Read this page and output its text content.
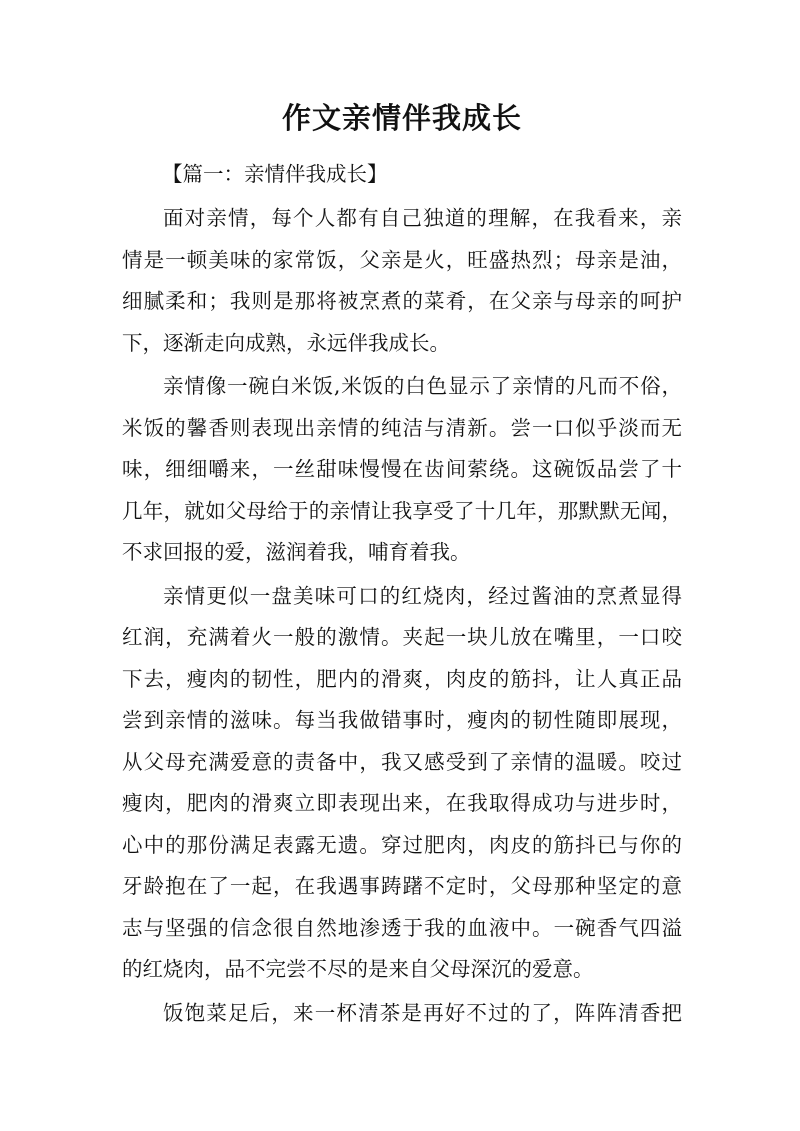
作文亲情伴我成长
【篇一：亲情伴我成长】
面对亲情，每个人都有自己独道的理解，在我看来，亲
情是一顿美味的家常饭，父亲是火，旺盛热烈；母亲是油，
细腻柔和；我则是那将被烹煮的菜肴，在父亲与母亲的呵护
下，逐渐走向成熟，永远伴我成长。
亲情像一碗白米饭,米饭的白色显示了亲情的凡而不俗，
米饭的馨香则表现出亲情的纯洁与清新。尝一口似乎淡而无
味，细细嚼来，一丝甜味慢慢在齿间萦绕。这碗饭品尝了十
几年，就如父母给于的亲情让我享受了十几年，那默默无闻，
不求回报的爱，滋润着我，哺育着我。
亲情更似一盘美味可口的红烧肉，经过酱油的烹煮显得
红润，充满着火一般的激情。夹起一块儿放在嘴里，一口咬
下去，瘦肉的韧性，肥内的滑爽，肉皮的筋抖，让人真正品
尝到亲情的滋味。每当我做错事时，瘦肉的韧性随即展现，
从父母充满爱意的责备中，我又感受到了亲情的温暖。咬过
瘦肉，肥肉的滑爽立即表现出来，在我取得成功与进步时，
心中的那份满足表露无遗。穿过肥肉，肉皮的筋抖已与你的
牙龄抱在了一起，在我遇事踌躇不定时，父母那种坚定的意
志与坚强的信念很自然地渗透于我的血液中。一碗香气四溢
的红烧肉，品不完尝不尽的是来自父母深沉的爱意。
饭饱菜足后，来一杯清茶是再好不过的了，阵阵清香把
